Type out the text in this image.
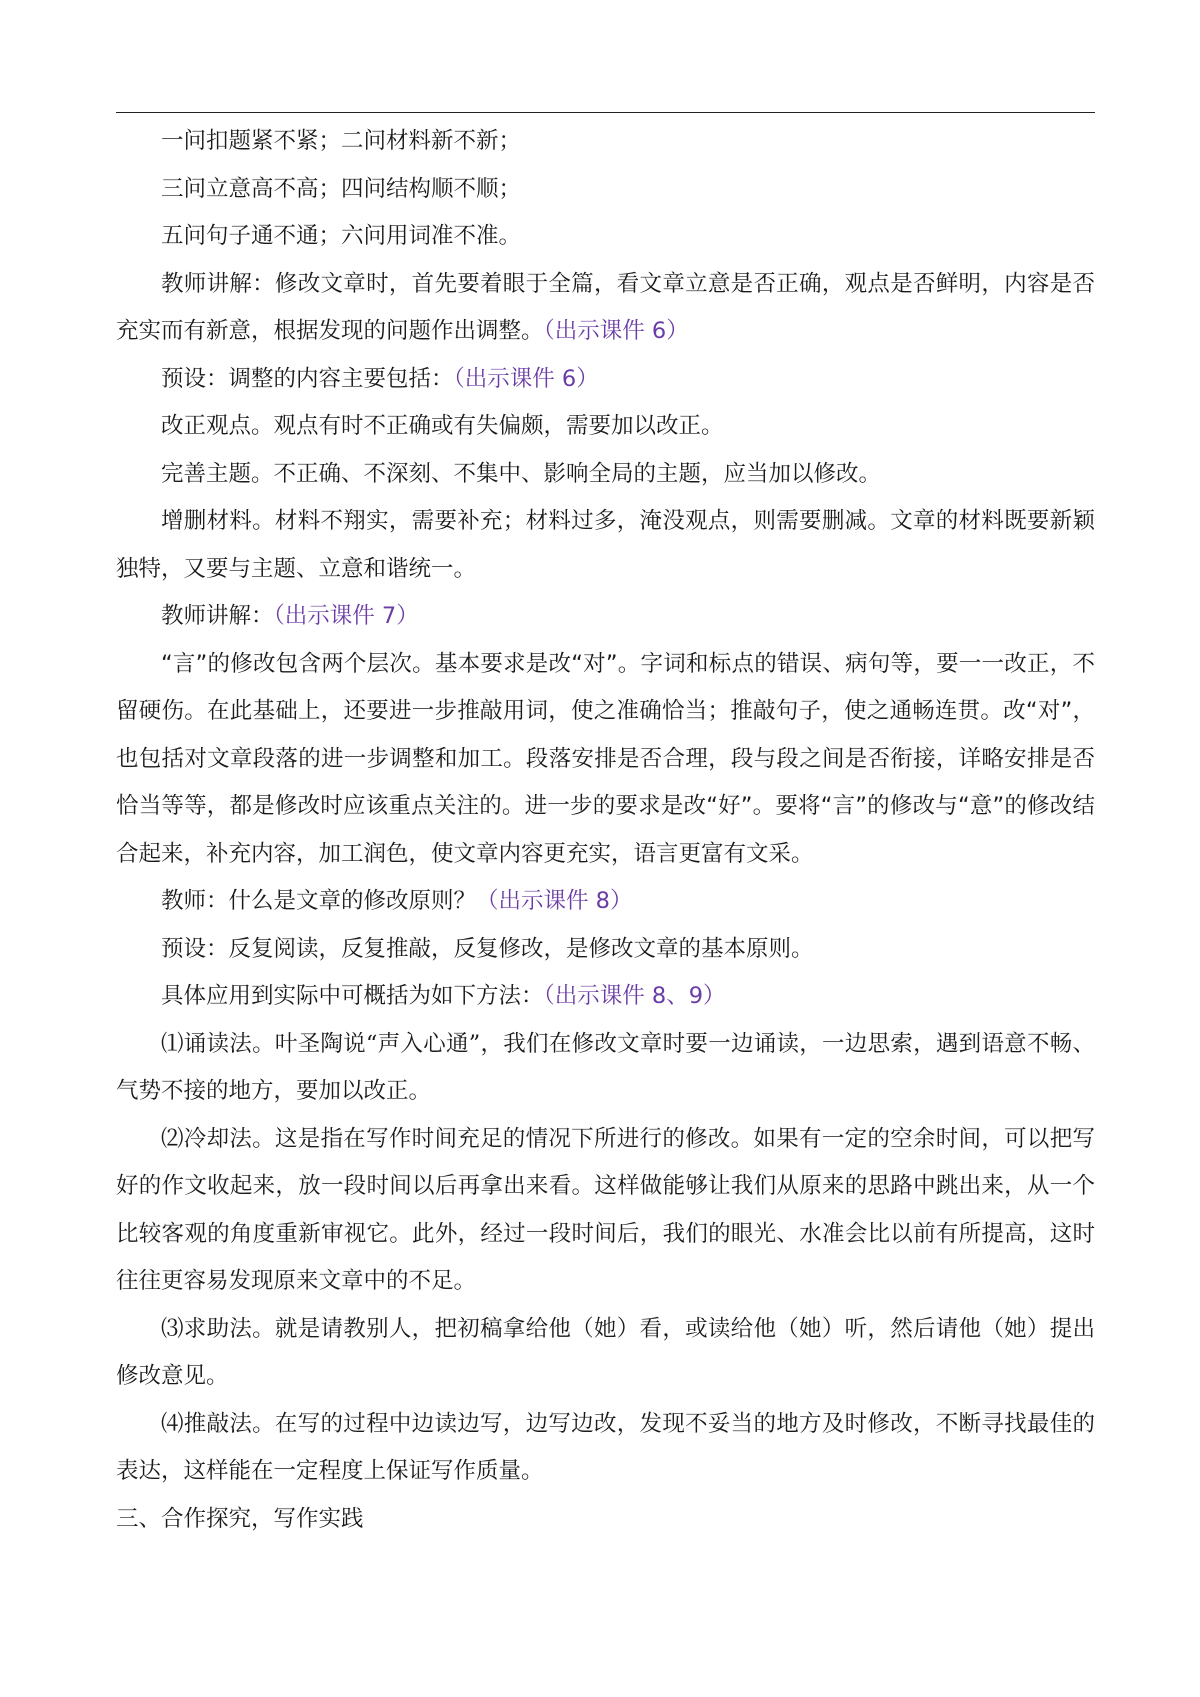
一问扣题紧不紧；二问材料新不新；

三问立意高不高；四问结构顺不顺；

五问句子通不通；六问用词准不准。

教师讲解：修改文章时，首先要着眼于全篇，看文章立意是否正确，观点是否鲜明，内容是否充实而有新意，根据发现的问题作出调整。（出示课件 6）

预设：调整的内容主要包括：（出示课件 6）

改正观点。观点有时不正确或有失偏颇，需要加以改正。

完善主题。不正确、不深刻、不集中、影响全局的主题，应当加以修改。

增删材料。材料不翔实，需要补充；材料过多，淹没观点，则需要删减。文章的材料既要新颖独特，又要与主题、立意和谐统一。

教师讲解：（出示课件 7）

“言”的修改包含两个层次。基本要求是改“对”。字词和标点的错误、病句等，要一一改正，不留硬伤。在此基础上，还要进一步推敲用词，使之准确恰当；推敲句子，使之通畅连贯。改“对”，也包括对文章段落的进一步调整和加工。段落安排是否合理，段与段之间是否衔接，详略安排是否恰当等等，都是修改时应该重点关注的。进一步的要求是改“好”。要将“言”的修改与“意”的修改结合起来，补充内容，加工润色，使文章内容更充实，语言更富有文采。

教师：什么是文章的修改原则？（出示课件 8）

预设：反复阅读，反复推敲，反复修改，是修改文章的基本原则。

具体应用到实际中可概括为如下方法：（出示课件 8、9）

⑴诵读法。叶圣陶说“声入心通”，我们在修改文章时要一边诵读，一边思索，遇到语意不畅、气势不接的地方，要加以改正。

⑵冷却法。这是指在写作时间充足的情况下所进行的修改。如果有一定的空余时间，可以把写好的作文收起来，放一段时间以后再拿出来看。这样做能够让我们从原来的思路中跳出来，从一个比较客观的角度重新审视它。此外，经过一段时间后，我们的眼光、水准会比以前有所提高，这时往往更容易发现原来文章中的不足。

⑶求助法。就是请教别人，把初稿拿给他（她）看，或读给他（她）听，然后请他（她）提出修改意见。

⑷推敲法。在写的过程中边读边写，边写边改，发现不妥当的地方及时修改，不断寻找最佳的表达，这样能在一定程度上保证写作质量。

三、合作探究，写作实践
